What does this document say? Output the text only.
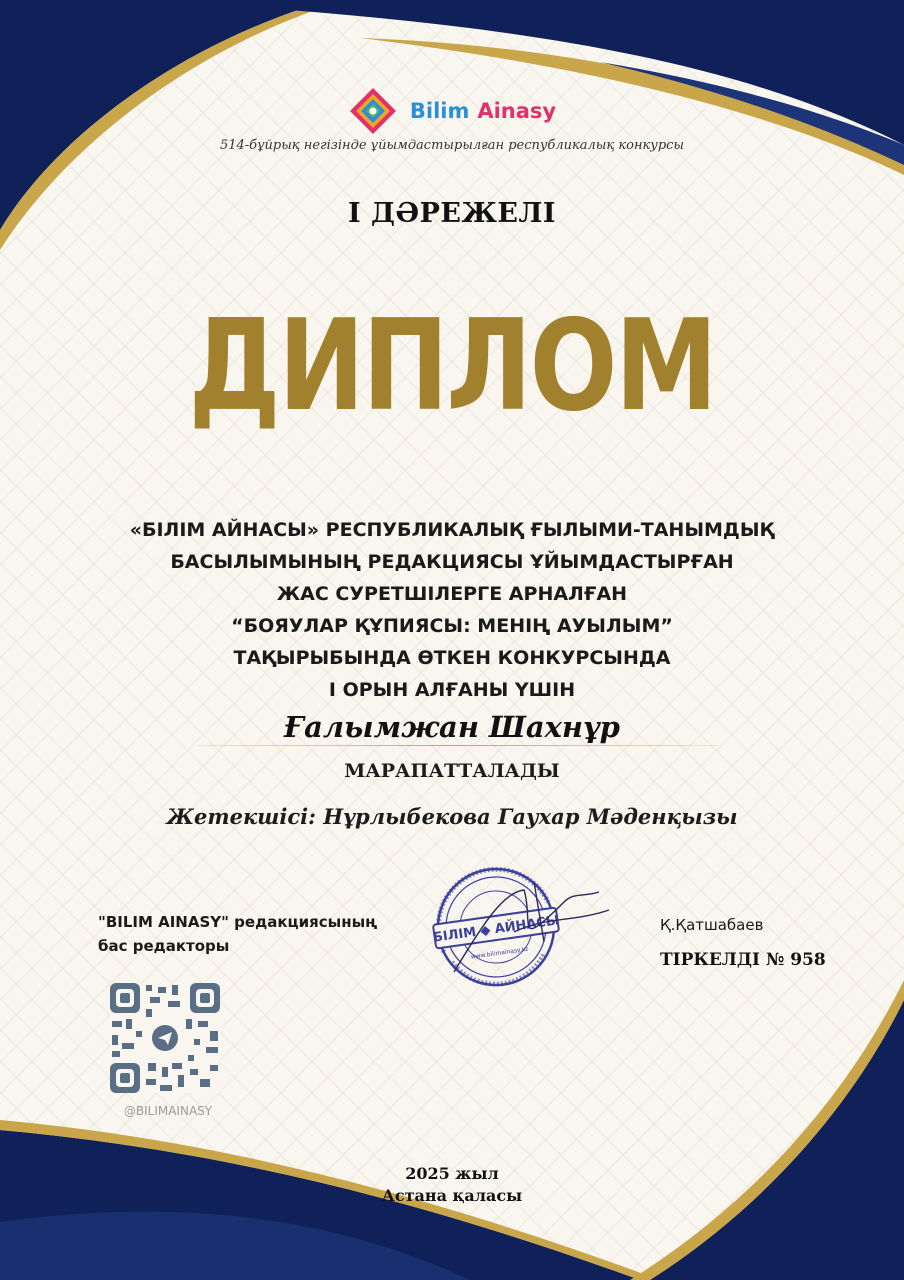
Bilim Ainasy
514-бұйрық негізінде ұйымдастырылған республикалық конкурсы
І ДӘРЕЖЕЛІ
ДИПЛОМ
«БІЛІМ АЙНАСЫ» РЕСПУБЛИКАЛЫҚ ҒЫЛЫМИ-ТАНЫМДЫҚ
БАСЫЛЫМЫНЫҢ РЕДАКЦИЯСЫ ҰЙЫМДАСТЫРҒАН
ЖАС СУРЕТШІЛЕРГЕ АРНАЛҒАН
“БОЯУЛАР ҚҰПИЯСЫ: МЕНІҢ АУЫЛЫМ”
ТАҚЫРЫБЫНДА ӨТКЕН КОНКУРСЫНДА
І ОРЫН АЛҒАНЫ ҮШІН
Ғалымжан Шахнұр
МАРАПАТТАЛАДЫ
Жетекшісі: Нұрлыбекова Гаухар Мәденқызы
"BILIM AINASY" редакциясының
бас редакторы
БІЛІМ ◆ АЙНАСЫ
www.bilimainasy.kz
Қ.Қатшабаев
ТІРКЕЛДІ № 958
@BILIMAINASY
2025 жыл
Астана қаласы
